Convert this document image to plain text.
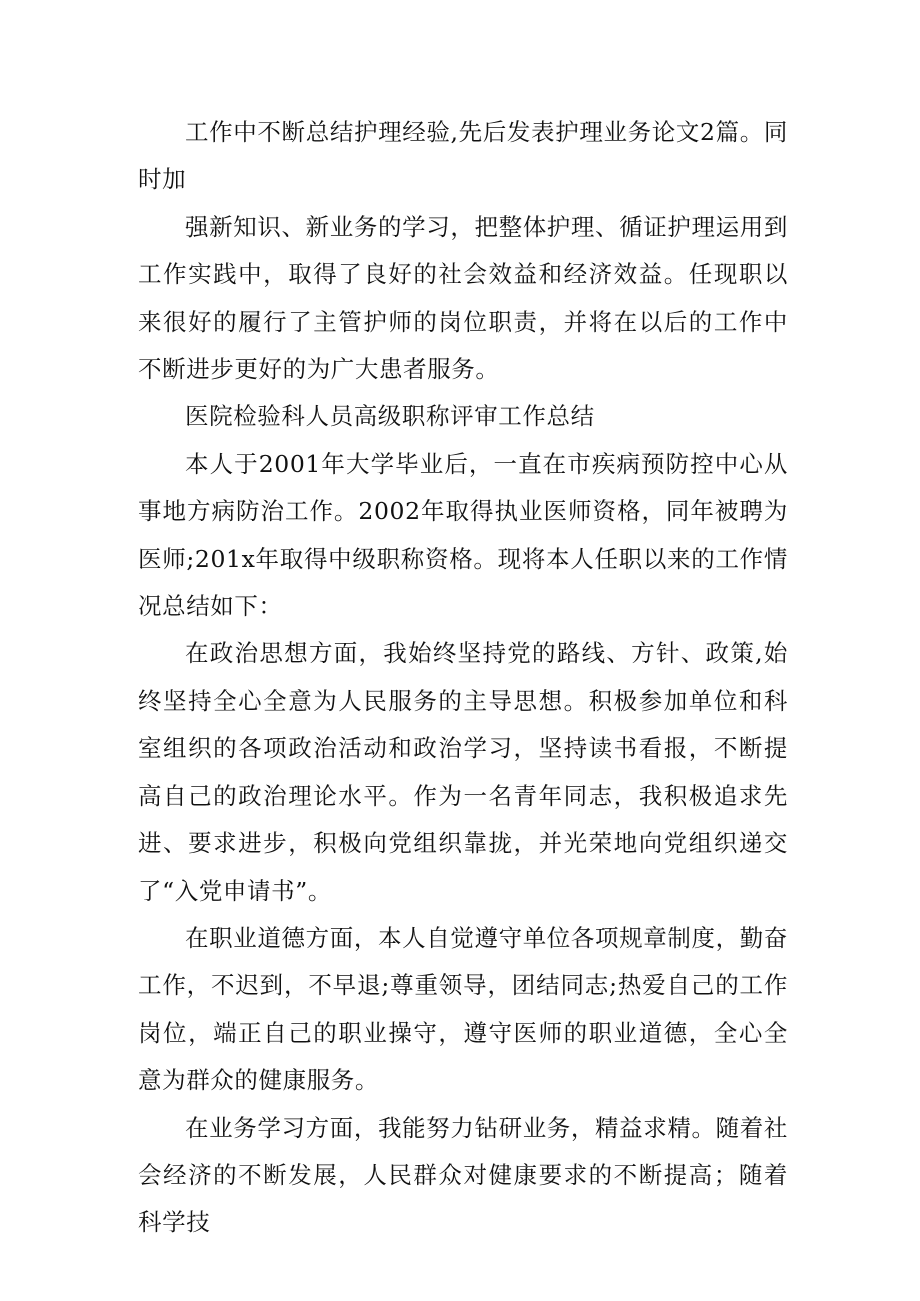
工作中不断总结护理经验,先后发表护理业务论文2篇。同时加

强新知识、新业务的学习，把整体护理、循证护理运用到工作实践中，取得了良好的社会效益和经济效益。任现职以来很好的履行了主管护师的岗位职责，并将在以后的工作中不断进步更好的为广大患者服务。

医院检验科人员高级职称评审工作总结

本人于2001年大学毕业后，一直在市疾病预防控中心从事地方病防治工作。2002年取得执业医师资格，同年被聘为医师;201x年取得中级职称资格。现将本人任职以来的工作情况总结如下：

在政治思想方面，我始终坚持党的路线、方针、政策,始终坚持全心全意为人民服务的主导思想。积极参加单位和科室组织的各项政治活动和政治学习，坚持读书看报，不断提高自己的政治理论水平。作为一名青年同志，我积极追求先进、要求进步，积极向党组织靠拢，并光荣地向党组织递交了“入党申请书”。

在职业道德方面，本人自觉遵守单位各项规章制度，勤奋工作，不迟到，不早退;尊重领导，团结同志;热爱自己的工作岗位，端正自己的职业操守，遵守医师的职业道德，全心全意为群众的健康服务。

在业务学习方面，我能努力钻研业务，精益求精。随着社会经济的不断发展，人民群众对健康要求的不断提高；随着科学技
